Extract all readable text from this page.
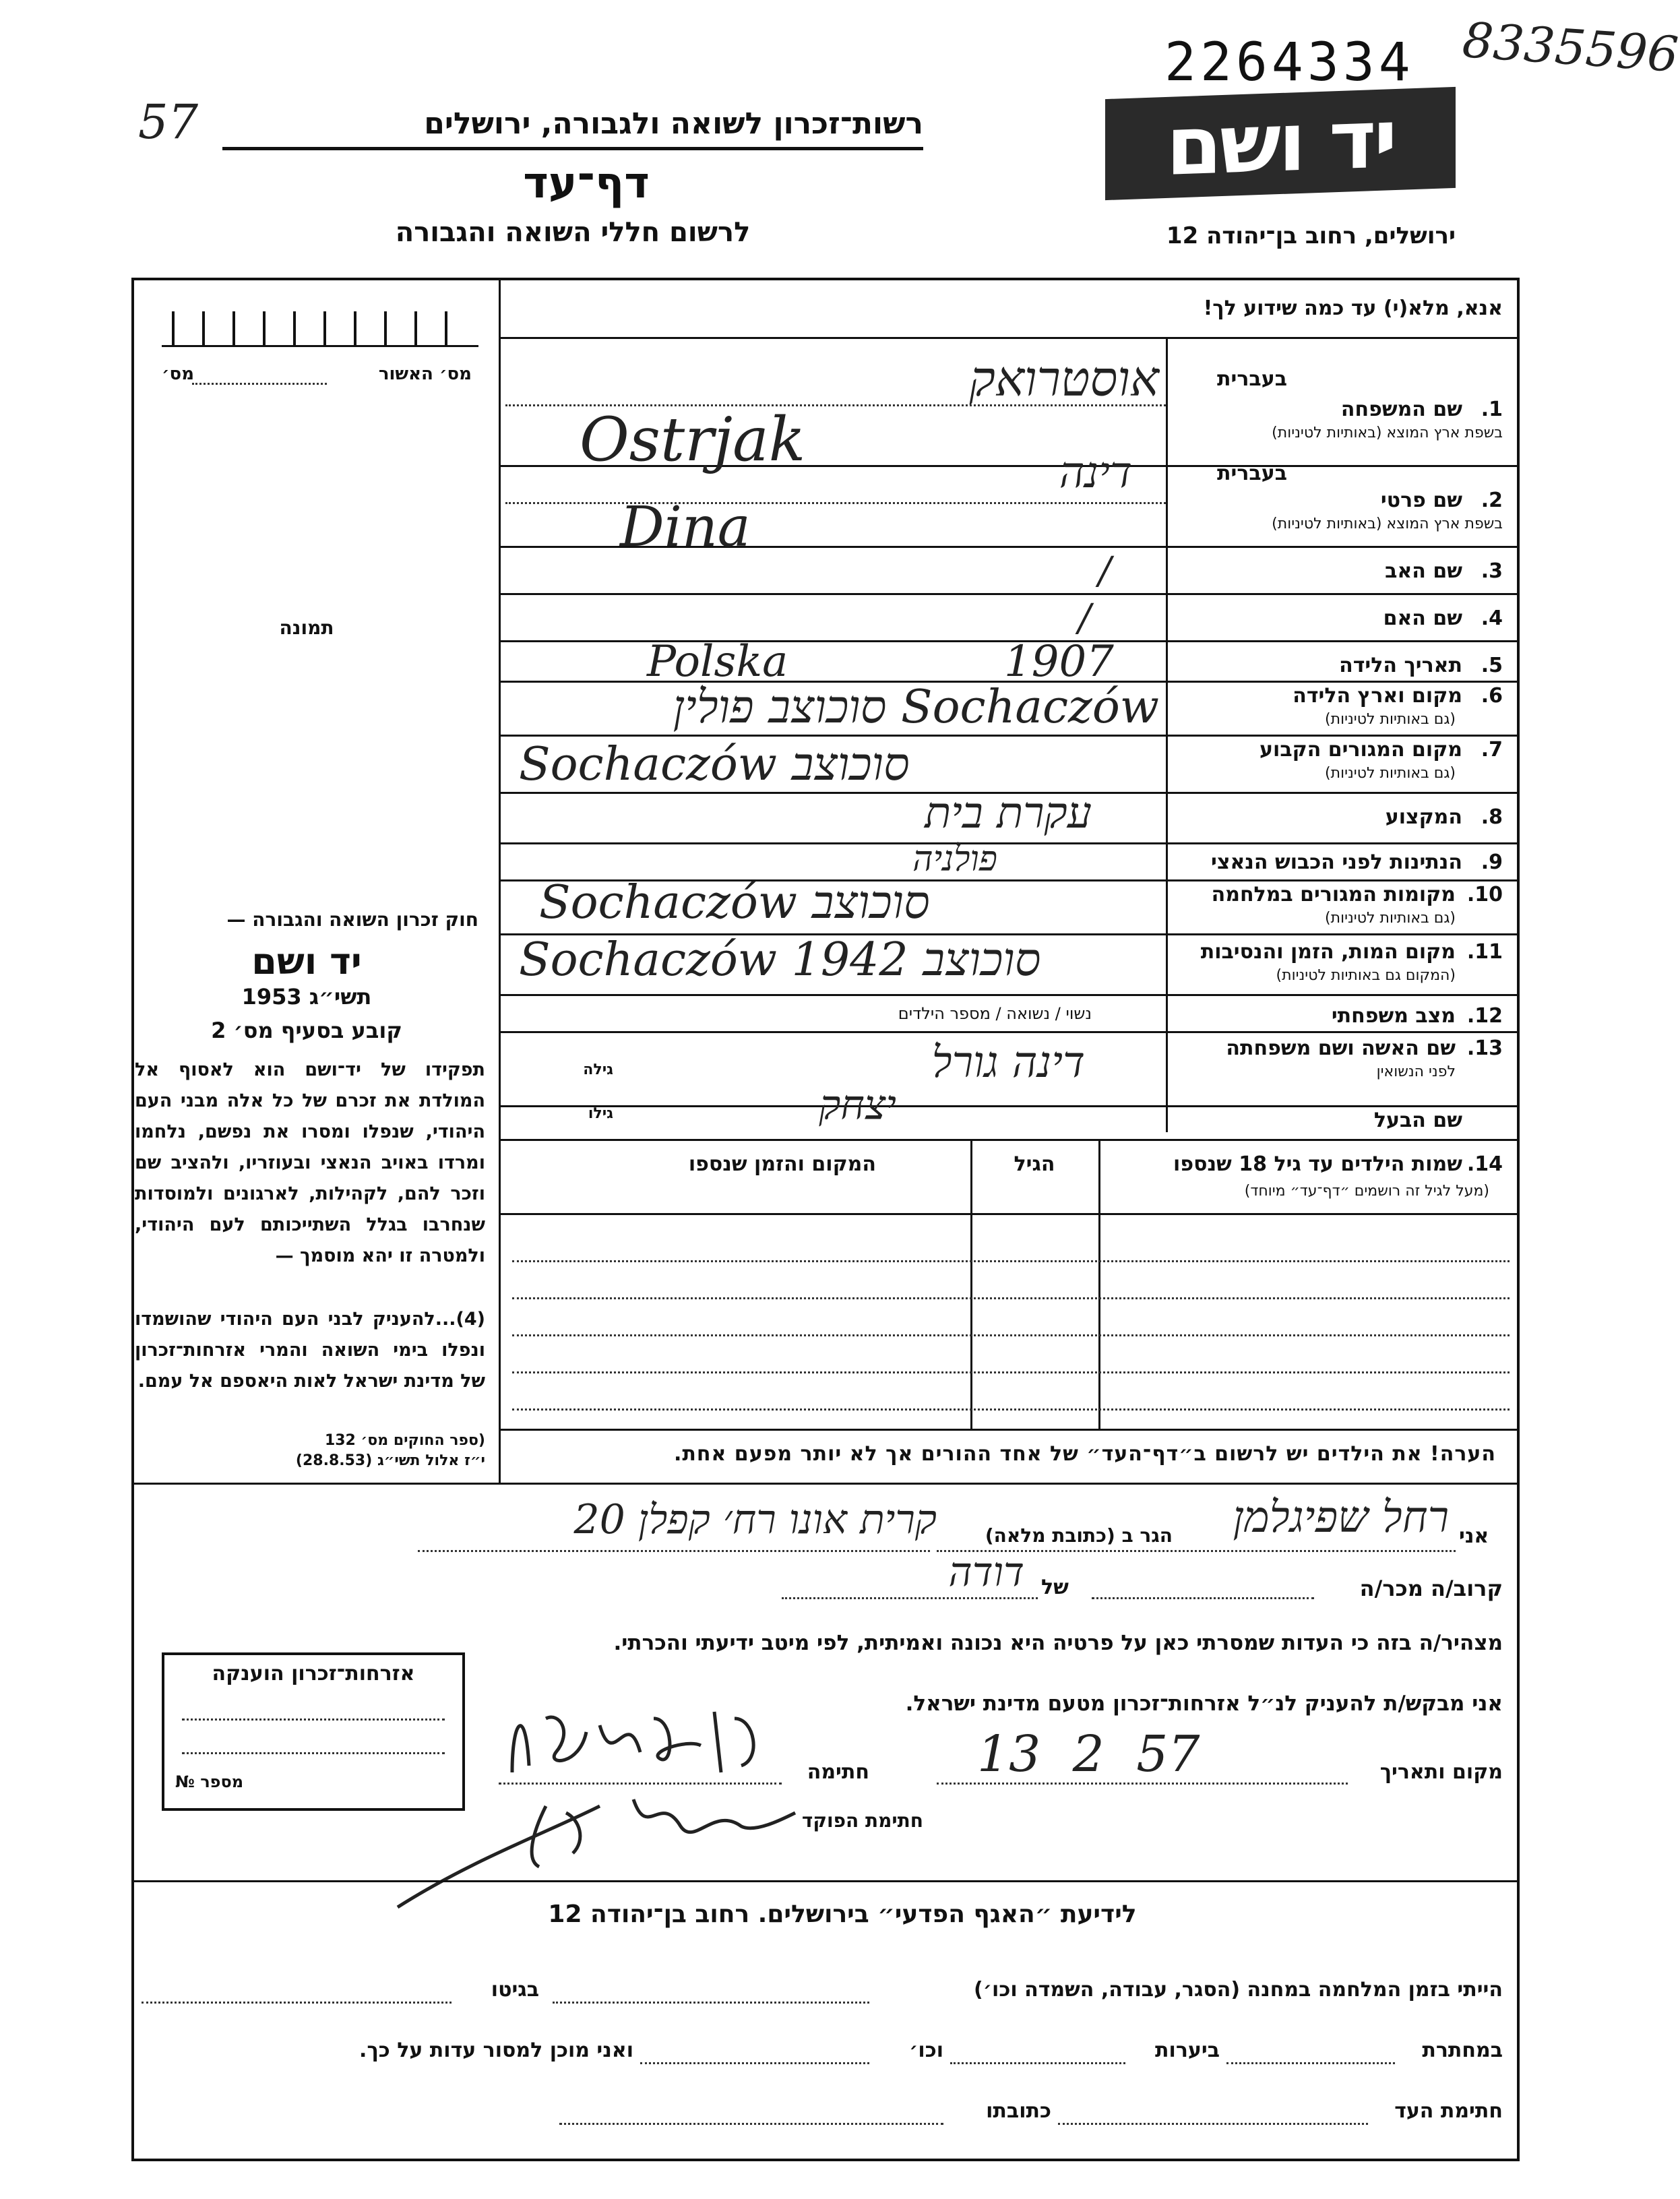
57
2264334 8335596
רשות־זכרון לשואה ולגבורה, ירושלים
דף־עד
לרשום חללי השואה והגבורה
יד ושם
ירושלים, רחוב בן־יהודה 12
אנא, מלא(י) עד כמה שידוע לך!
מס׳ האשור
מס׳
תמונה
חוק זכרון השואה והגבורה —
יד ושם
תשי״ג 1953
קובע בסעיף מס׳ 2
תפקידו של יד־ושם הוא לאסוף אל המולדת את זכרם של כל אלה מבני העם היהודי, שנפלו ומסרו את נפשם, נלחמו ומרדו באויב הנאצי ובעוזריו, ולהציב שם וזכר להם, לקהילות, לארגונים ולמוסדות שנחרבו בגלל השתייכותם לעם היהודי, ולמטרה זו יהא מוסמך —
(4)...להעניק לבני העם היהודי שהושמדו ונפלו בימי השואה והמרי אזרחות־זכרון של מדינת ישראל לאות היאספם אל עמם.
(ספר החוקים מס׳ 132
י״ז אלול תשי״ג (28.8.53)
אזרחות־זכרון הוענקה
מספר №
בעברית
1.
שם המשפחה
בשפת ארץ המוצא (באותיות לטיניות)
אוסטרואק
Ostrjak	בעברית
2.
שם פרטי
בשפת ארץ המוצא (באותיות לטיניות)
דינה
Dina
3.
שם האב
/
4.
שם האם
/
5.
תאריך הלידה
1907
6.
מקום וארץ הלידה
(גם באותיות לטיניות)
Polska
Sochaczów סוכוצב פולין
7.
מקום המגורים הקבוע
(גם באותיות לטיניות)
Sochaczów סוכוצב
8.
המקצוע
עקרת בית
9.
הנתינות לפני הכבוש הנאצי
פולניה
10.
מקומות המגורים במלחמה
(גם באותיות לטיניות)
Sochaczów סוכוצב
11.
מקום המות, הזמן והנסיבות
(המקום גם באותיות לטיניות)
Sochaczów סוכוצב 1942
12.
מצב משפחתי
נשוי / נשואה / מספר הילדים
13.
שם האשה ושם משפחתה
לפני הנשואין
דינה גורל
גילה
שם הבעל
יצחק
גילו
14.
שמות הילדים עד גיל 18 שנספו
(מעל לגיל זה רושמים ״דף־עד״ מיוחד)
הגיל
המקום והזמן שנספו
הערה! את הילדים יש לרשום ב״דף־העד״ של אחד ההורים אך לא יותר מפעם אחת.
אני
רחל שפיגלמן
הגר ב (כתובת מלאה)
קרית אונו רח׳ קפלן 20
קרוב/ה מכר/ה
של
דודה
מצהיר/ה בזה כי העדות שמסרתי כאן על פרטיה היא נכונה ואמיתית, לפי מיטב ידיעתי והכרתי.
אני מבקש/ת להעניק לנ״ל אזרחות־זכרון מטעם מדינת ישראל.
מקום ותאריך
13 2 57
חתימה
חתימת הפוקד
לידיעת ״האגף הפדעי״ בירושלים. רחוב בן־יהודה 12
הייתי בזמן המלחמה במחנה (הסגר, עבודה, השמדה וכו׳)
בגיטו
במחתרת
ביערות
וכו׳
ואני מוכן למסור עדות על כך.
חתימת העד
כתובתו
